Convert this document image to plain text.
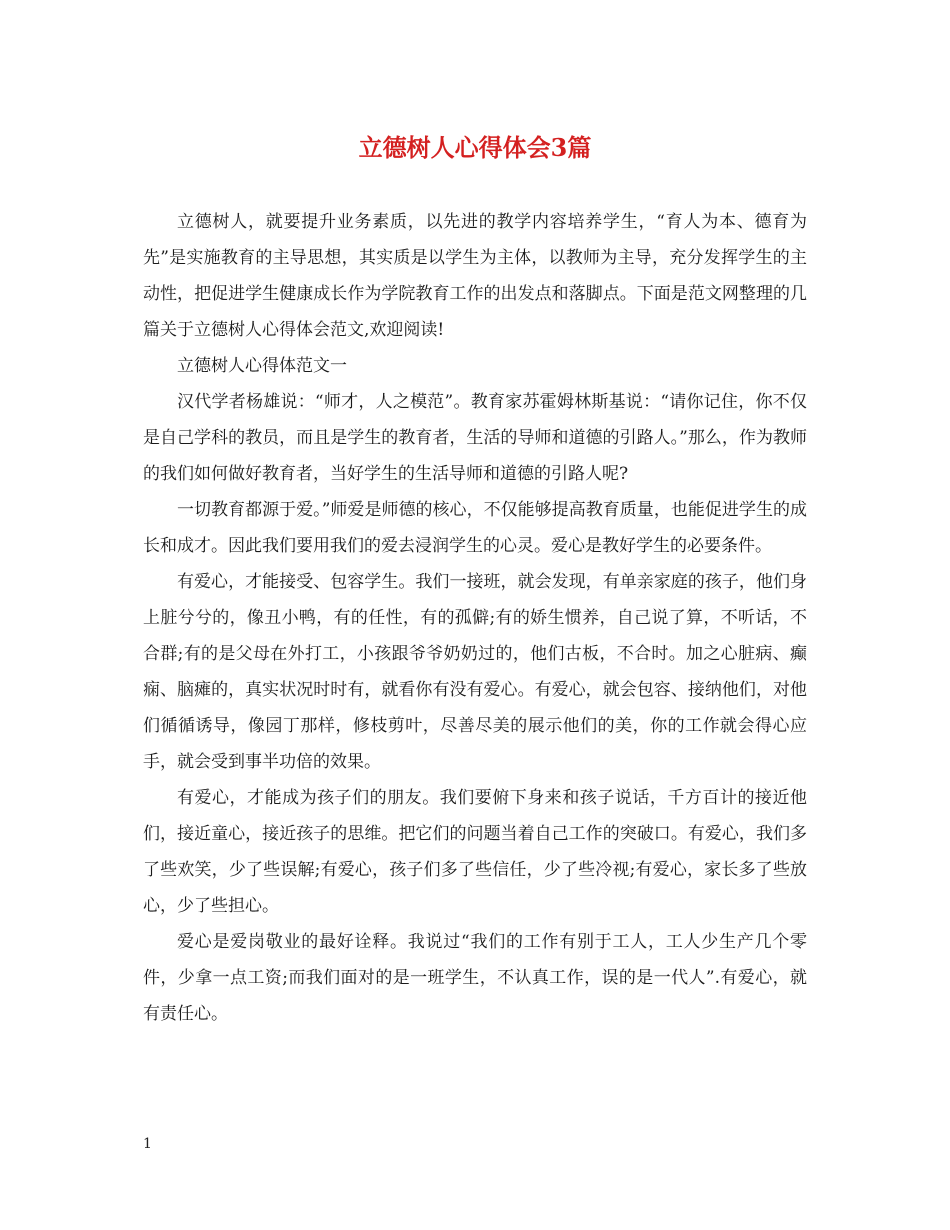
立德树人心得体会3篇

立德树人，就要提升业务素质，以先进的教学内容培养学生，“育人为本、德育为先”是实施教育的主导思想，其实质是以学生为主体，以教师为主导，充分发挥学生的主动性，把促进学生健康成长作为学院教育工作的出发点和落脚点。下面是范文网整理的几篇关于立德树人心得体会范文,欢迎阅读!

立德树人心得体范文一

汉代学者杨雄说：“师才，人之模范”。教育家苏霍姆林斯基说：“请你记住，你不仅是自己学科的教员，而且是学生的教育者，生活的导师和道德的引路人。”那么，作为教师的我们如何做好教育者，当好学生的生活导师和道德的引路人呢?

一切教育都源于爱。”师爱是师德的核心，不仅能够提高教育质量，也能促进学生的成长和成才。因此我们要用我们的爱去浸润学生的心灵。爱心是教好学生的必要条件。

有爱心，才能接受、包容学生。我们一接班，就会发现，有单亲家庭的孩子，他们身上脏兮兮的，像丑小鸭，有的任性，有的孤僻;有的娇生惯养，自己说了算，不听话，不合群;有的是父母在外打工，小孩跟爷爷奶奶过的，他们古板，不合时。加之心脏病、癫痫、脑瘫的，真实状况时时有，就看你有没有爱心。有爱心，就会包容、接纳他们，对他们循循诱导，像园丁那样，修枝剪叶，尽善尽美的展示他们的美，你的工作就会得心应手，就会受到事半功倍的效果。

有爱心，才能成为孩子们的朋友。我们要俯下身来和孩子说话，千方百计的接近他们，接近童心，接近孩子的思维。把它们的问题当着自己工作的突破口。有爱心，我们多了些欢笑，少了些误解;有爱心，孩子们多了些信任，少了些冷视;有爱心，家长多了些放心，少了些担心。

爱心是爱岗敬业的最好诠释。我说过“我们的工作有别于工人，工人少生产几个零件，少拿一点工资;而我们面对的是一班学生，不认真工作，误的是一代人”.有爱心，就有责任心。

1
